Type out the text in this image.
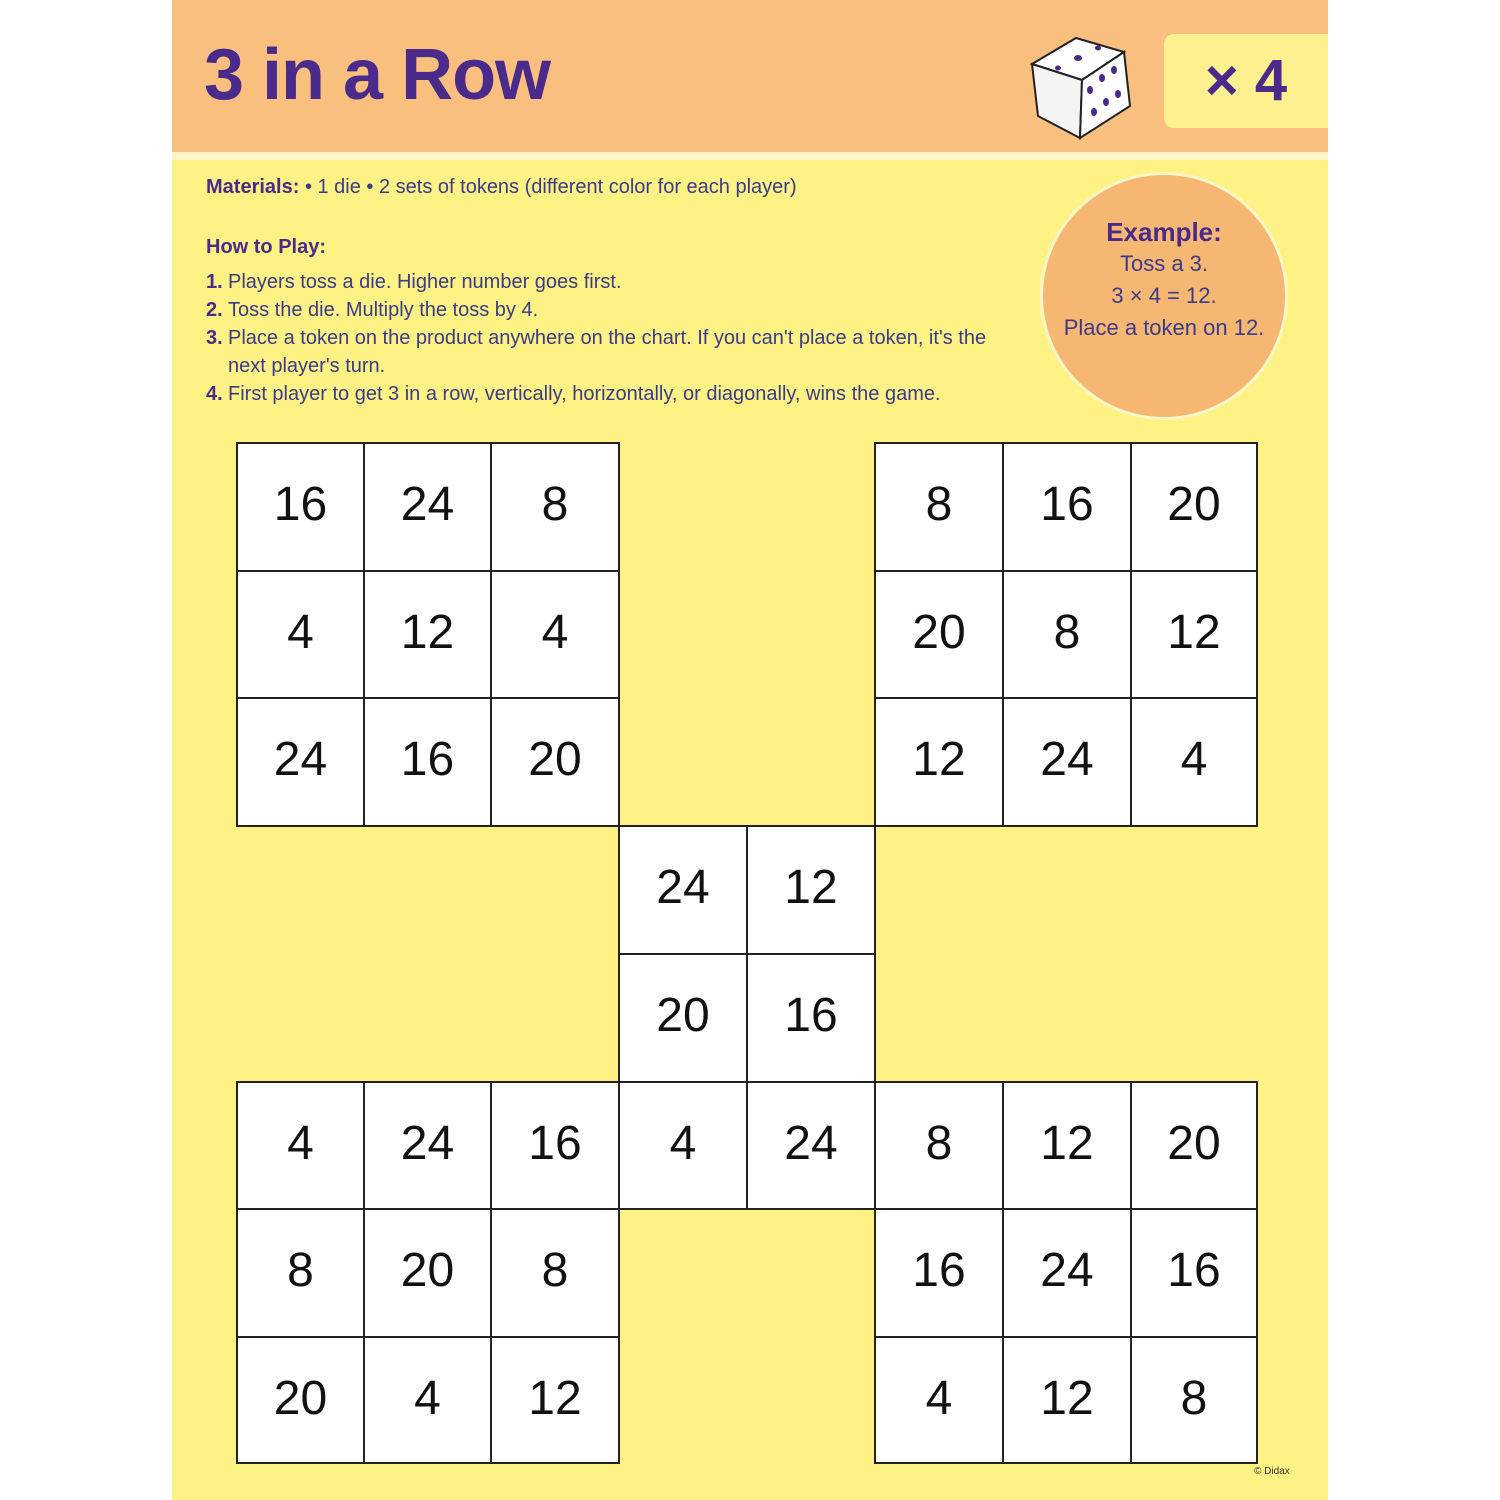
3 in a Row	× 4
Materials: • 1 die • 2 sets of tokens (different color for each player)
How to Play:
1. Players toss a die. Higher number goes first.
2. Toss the die. Multiply the toss by 4.
3. Place a token on the product anywhere on the chart. If you can't place a token, it's the next player's turn.
4. First player to get 3 in a row, vertically, horizontally, or diagonally, wins the game.
Example:
Toss a 3.
3 × 4 = 12.
Place a token on 12.
16	24	8
4	12	4
24	16	20
8	16	20
20	8	12
12	24	4
24	12
20	16
4	24	16	4	24	8	12	20
8	20	8
20	4	12
16	24	16
4	12	8
© Didax
